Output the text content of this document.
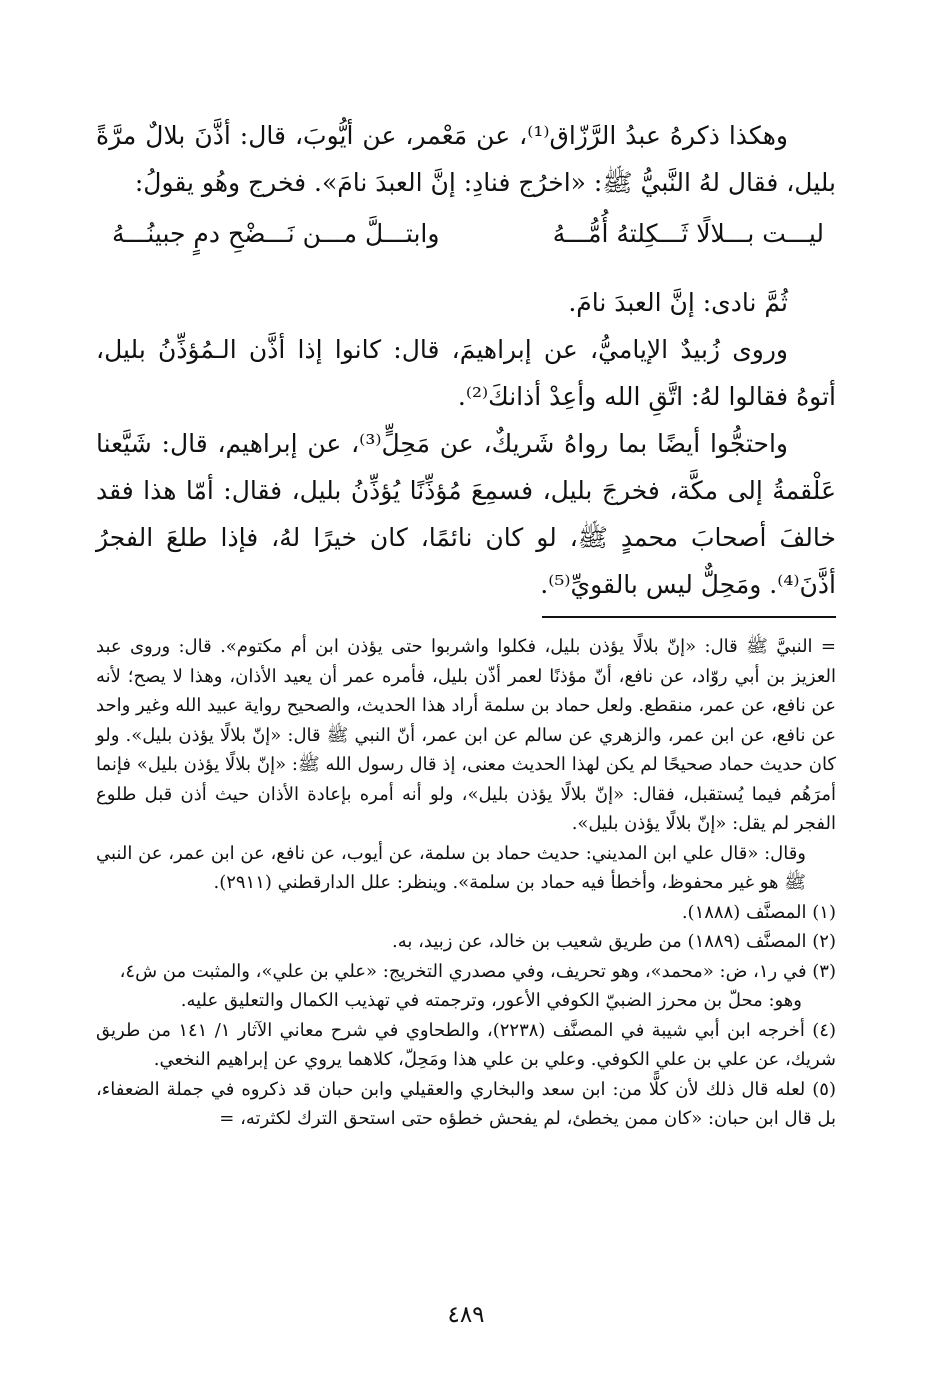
وهكذا ذكرهُ عبدُ الرَّزّاق⁽¹⁾، عن مَعْمر، عن أيُّوبَ، قال: أذَّنَ بلالٌ مرَّةً بليل، فقال لهُ النَّبيُّ ﷺ: «اخرُج فنادِ: إنَّ العبدَ نامَ». فخرج وهُو يقولُ:

ليـــت بـــلالًا ثَـــكِلتهُ أُمُّـــهُ
وابتـــلَّ مـــن نَـــضْحِ دمٍ جبينُـــهُ

ثُمَّ نادى: إنَّ العبدَ نامَ.

وروى زُبيدٌ الإياميُّ، عن إبراهيمَ، قال: كانوا إذا أذَّن الـمُؤذِّنُ بليل، أتوهُ فقالوا لهُ: اتَّقِ الله وأعِدْ أذانكَ⁽²⁾.

واحتجُّوا أيضًا بما رواهُ شَريكٌ، عن مَحِلٍّ⁽³⁾، عن إبراهيم، قال: شَيَّعنا عَلْقمةُ إلى مكَّة، فخرجَ بليل، فسمِعَ مُؤذِّنًا يُؤذِّنُ بليل، فقال: أمّا هذا فقد خالفَ أصحابَ محمدٍ ﷺ، لو كان نائمًا، كان خيرًا لهُ، فإذا طلعَ الفجرُ أذَّنَ⁽⁴⁾. ومَحِلٌّ ليس بالقويِّ⁽⁵⁾.

= النبيَّ ﷺ قال: «إنّ بلالًا يؤذن بليل، فكلوا واشربوا حتى يؤذن ابن أم مكتوم». قال: وروى عبد العزيز بن أبي روّاد، عن نافع، أنّ مؤذنًا لعمر أذّن بليل، فأمره عمر أن يعيد الأذان، وهذا لا يصح؛ لأنه عن نافع، عن عمر، منقطع. ولعل حماد بن سلمة أراد هذا الحديث، والصحيح رواية عبيد الله وغير واحد عن نافع، عن ابن عمر، والزهري عن سالم عن ابن عمر، أنّ النبي ﷺ قال: «إنّ بلالًا يؤذن بليل». ولو كان حديث حماد صحيحًا لم يكن لهذا الحديث معنى، إذ قال رسول الله ﷺ: «إنّ بلالًا يؤذن بليل» فإنما أمرَهُم فيما يُستقبل، فقال: «إنّ بلالًا يؤذن بليل»، ولو أنه أمره بإعادة الأذان حيث أذن قبل طلوع الفجر لم يقل: «إنّ بلالًا يؤذن بليل».

وقال: «قال علي ابن المديني: حديث حماد بن سلمة، عن أيوب، عن نافع، عن ابن عمر، عن النبي ﷺ هو غير محفوظ، وأخطأ فيه حماد بن سلمة». وينظر: علل الدارقطني (٢٩١١).

(١) المصنَّف (١٨٨٨).

(٢) المصنَّف (١٨٨٩) من طريق شعيب بن خالد، عن زبيد، به.

(٣) في ر١، ض: «محمد»، وهو تحريف، وفي مصدري التخريج: «علي بن علي»، والمثبت من ش٤،

وهو: محلّ بن محرز الضبيّ الكوفي الأعور، وترجمته في تهذيب الكمال والتعليق عليه.

(٤) أخرجه ابن أبي شيبة في المصنَّف (٢٢٣٨)، والطحاوي في شرح معاني الآثار ١/ ١٤١ من طريق شريك، عن علي بن علي الكوفي. وعلي بن علي هذا ومَحِلّ، كلاهما يروي عن إبراهيم النخعي.

(٥) لعله قال ذلك لأن كلًّا من: ابن سعد والبخاري والعقيلي وابن حبان قد ذكروه في جملة الضعفاء، بل قال ابن حبان: «كان ممن يخطئ، لم يفحش خطؤه حتى استحق الترك لكثرته، =

٤٨٩
